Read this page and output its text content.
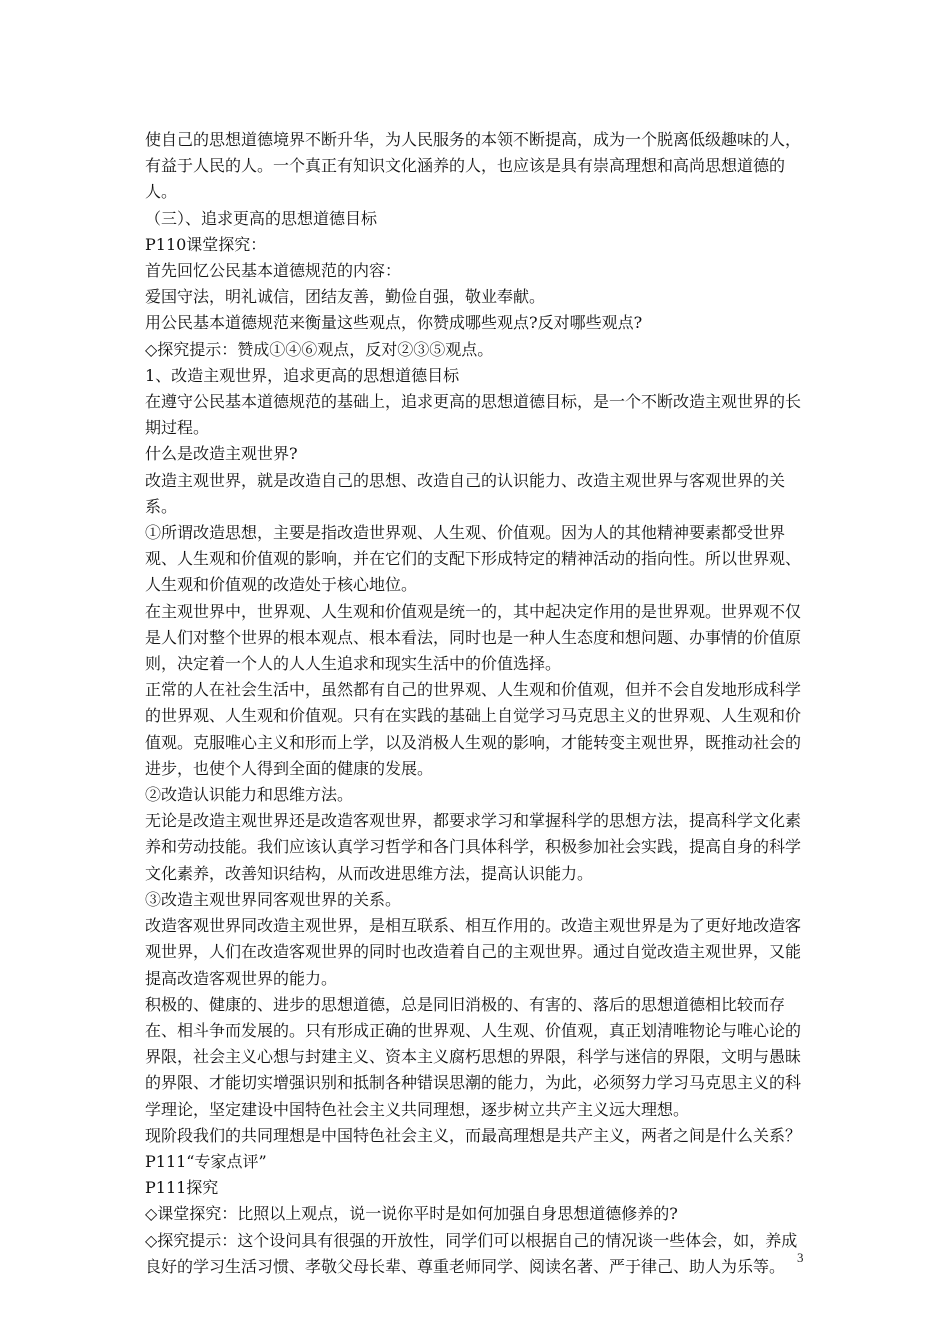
使自己的思想道德境界不断升华，为人民服务的本领不断提高，成为一个脱离低级趣味的人，有益于人民的人。一个真正有知识文化涵养的人，也应该是具有崇高理想和高尚思想道德的人。

（三）、追求更高的思想道德目标

P110课堂探究：

首先回忆公民基本道德规范的内容：

爱国守法，明礼诚信，团结友善，勤俭自强，敬业奉献。

用公民基本道德规范来衡量这些观点，你赞成哪些观点?反对哪些观点?

◇探究提示：赞成①④⑥观点，反对②③⑤观点。

1、改造主观世界，追求更高的思想道德目标

在遵守公民基本道德规范的基础上，追求更高的思想道德目标，是一个不断改造主观世界的长期过程。

什么是改造主观世界?

改造主观世界，就是改造自己的思想、改造自己的认识能力、改造主观世界与客观世界的关系。

①所谓改造思想，主要是指改造世界观、人生观、价值观。因为人的其他精神要素都受世界观、人生观和价值观的影响，并在它们的支配下形成特定的精神活动的指向性。所以世界观、人生观和价值观的改造处于核心地位。

在主观世界中，世界观、人生观和价值观是统一的，其中起决定作用的是世界观。世界观不仅是人们对整个世界的根本观点、根本看法，同时也是一种人生态度和想问题、办事情的价值原则，决定着一个人的人人生追求和现实生活中的价值选择。

正常的人在社会生活中，虽然都有自己的世界观、人生观和价值观，但并不会自发地形成科学的世界观、人生观和价值观。只有在实践的基础上自觉学习马克思主义的世界观、人生观和价值观。克服唯心主义和形而上学，以及消极人生观的影响，才能转变主观世界，既推动社会的进步，也使个人得到全面的健康的发展。

②改造认识能力和思维方法。

无论是改造主观世界还是改造客观世界，都要求学习和掌握科学的思想方法，提高科学文化素养和劳动技能。我们应该认真学习哲学和各门具体科学，积极参加社会实践，提高自身的科学文化素养，改善知识结构，从而改进思维方法，提高认识能力。

③改造主观世界同客观世界的关系。

改造客观世界同改造主观世界，是相互联系、相互作用的。改造主观世界是为了更好地改造客观世界，人们在改造客观世界的同时也改造着自己的主观世界。通过自觉改造主观世界，又能提高改造客观世界的能力。

积极的、健康的、进步的思想道德，总是同旧消极的、有害的、落后的思想道德相比较而存在、相斗争而发展的。只有形成正确的世界观、人生观、价值观，真正划清唯物论与唯心论的界限，社会主义心想与封建主义、资本主义腐朽思想的界限，科学与迷信的界限，文明与愚昧的界限、才能切实增强识别和抵制各种错误思潮的能力，为此，必须努力学习马克思主义的科学理论，坚定建设中国特色社会主义共同理想，逐步树立共产主义远大理想。

现阶段我们的共同理想是中国特色社会主义，而最高理想是共产主义，两者之间是什么关系？

P111“专家点评”

P111探究

◇课堂探究：比照以上观点，说一说你平时是如何加强自身思想道德修养的?

◇探究提示：这个设问具有很强的开放性，同学们可以根据自己的情况谈一些体会，如，养成良好的学习生活习惯、孝敬父母长辈、尊重老师同学、阅读名著、严于律己、助人为乐等。 3
